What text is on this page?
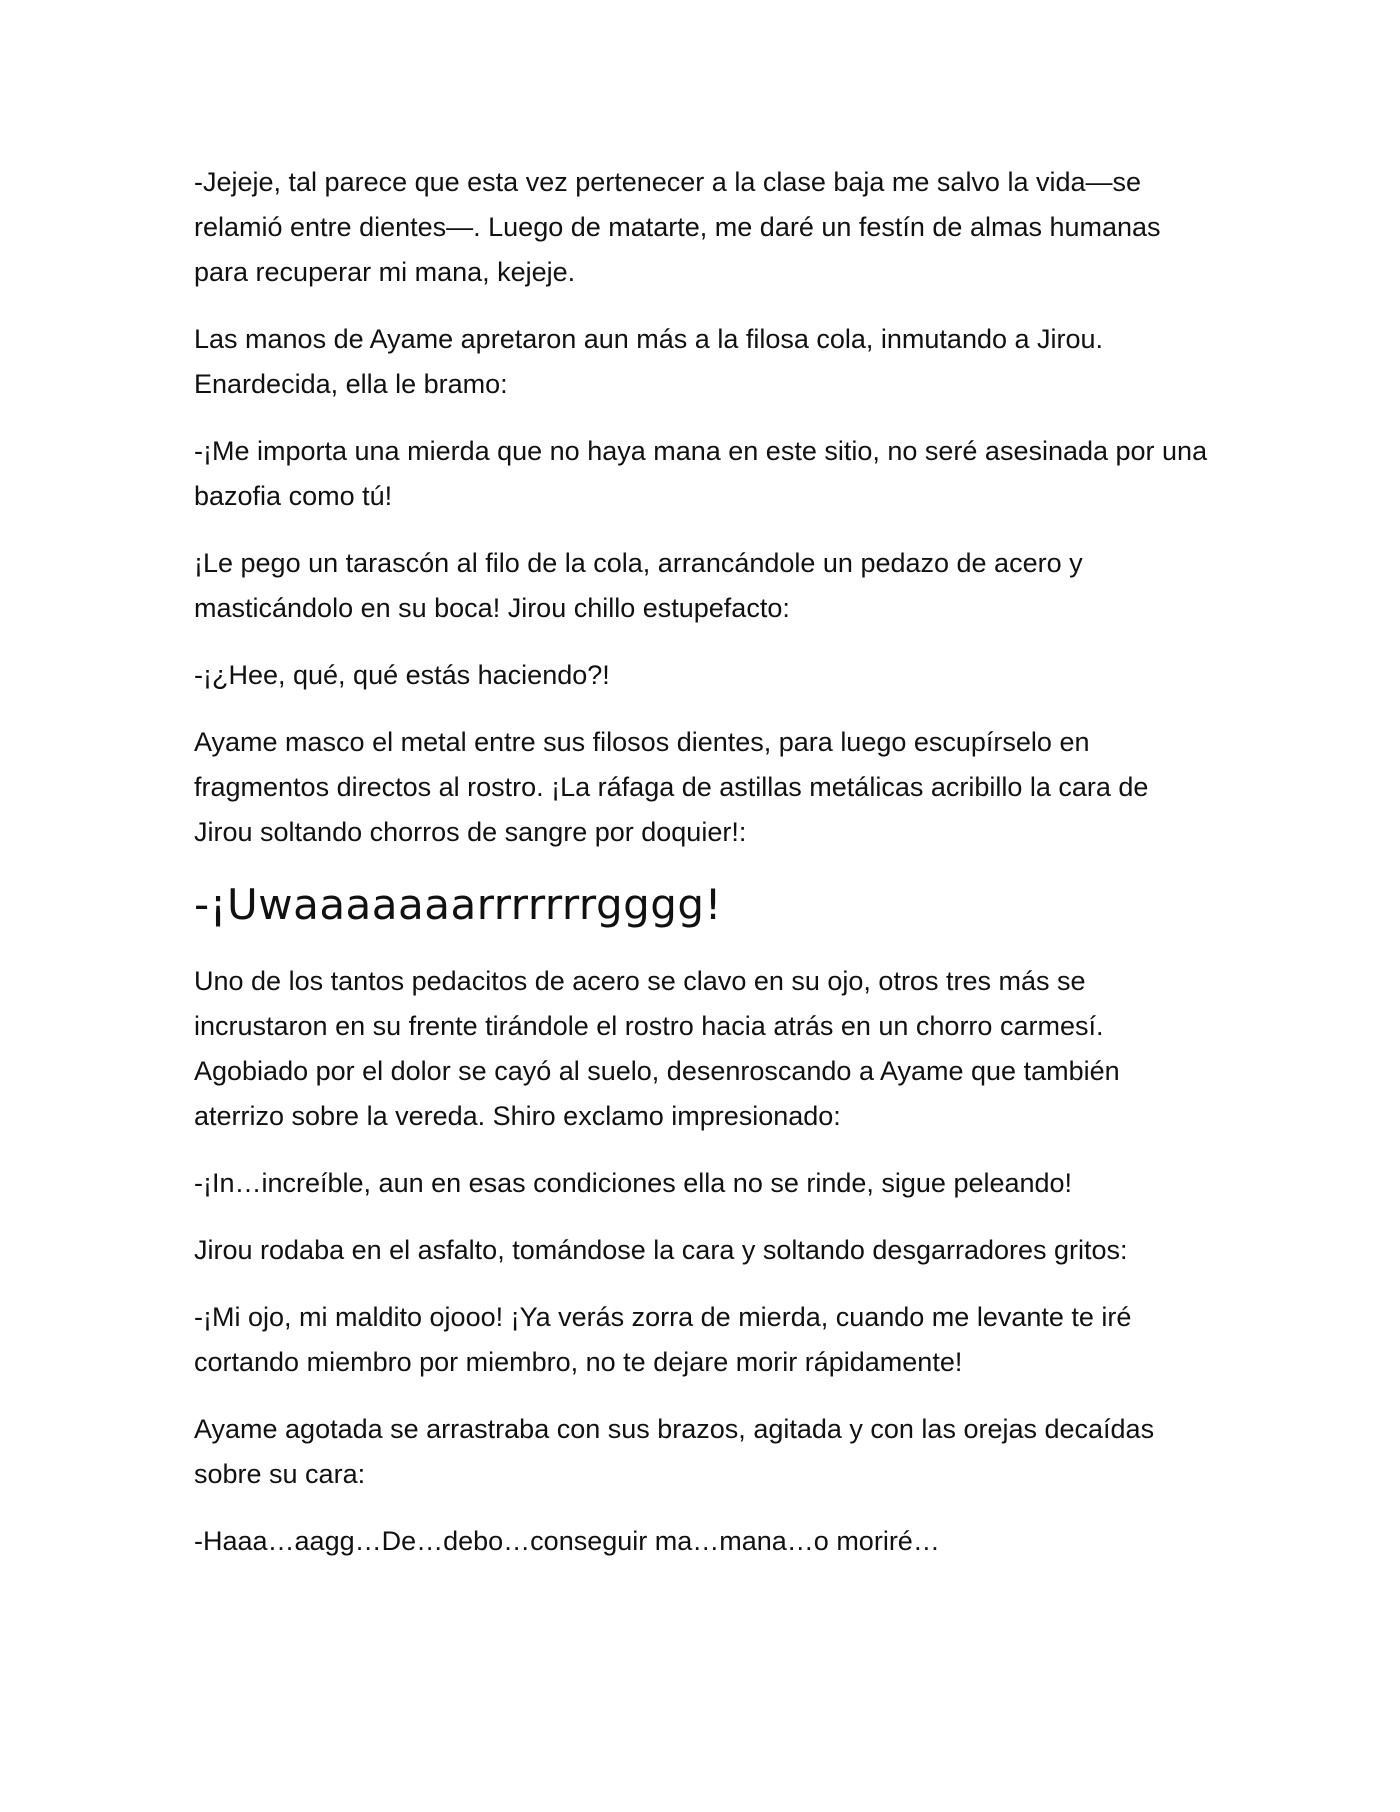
-Jejeje, tal parece que esta vez pertenecer a la clase baja me salvo la vida—se relamió entre dientes—. Luego de matarte, me daré un festín de almas humanas para recuperar mi mana, kejeje.

Las manos de Ayame apretaron aun más a la filosa cola, inmutando a Jirou. Enardecida, ella le bramo:

-¡Me importa una mierda que no haya mana en este sitio, no seré asesinada por una bazofia como tú!

¡Le pego un tarascón al filo de la cola, arrancándole un pedazo de acero y masticándolo en su boca! Jirou chillo estupefacto:

-¡¿Hee, qué, qué estás haciendo?!

Ayame masco el metal entre sus filosos dientes, para luego escupírselo en fragmentos directos al rostro. ¡La ráfaga de astillas metálicas acribillo la cara de Jirou soltando chorros de sangre por doquier!:

-¡Uwaaaaaaarrrrrrrgggg!

Uno de los tantos pedacitos de acero se clavo en su ojo, otros tres más se incrustaron en su frente tirándole el rostro hacia atrás en un chorro carmesí. Agobiado por el dolor se cayó al suelo, desenroscando a Ayame que también aterrizo sobre la vereda. Shiro exclamo impresionado:

-¡In…increíble, aun en esas condiciones ella no se rinde, sigue peleando!

Jirou rodaba en el asfalto, tomándose la cara y soltando desgarradores gritos:

-¡Mi ojo, mi maldito ojooo! ¡Ya verás zorra de mierda, cuando me levante te iré cortando miembro por miembro, no te dejare morir rápidamente!

Ayame agotada se arrastraba con sus brazos, agitada y con las orejas decaídas sobre su cara:

-Haaa…aagg…De…debo…conseguir ma…mana…o moriré…
